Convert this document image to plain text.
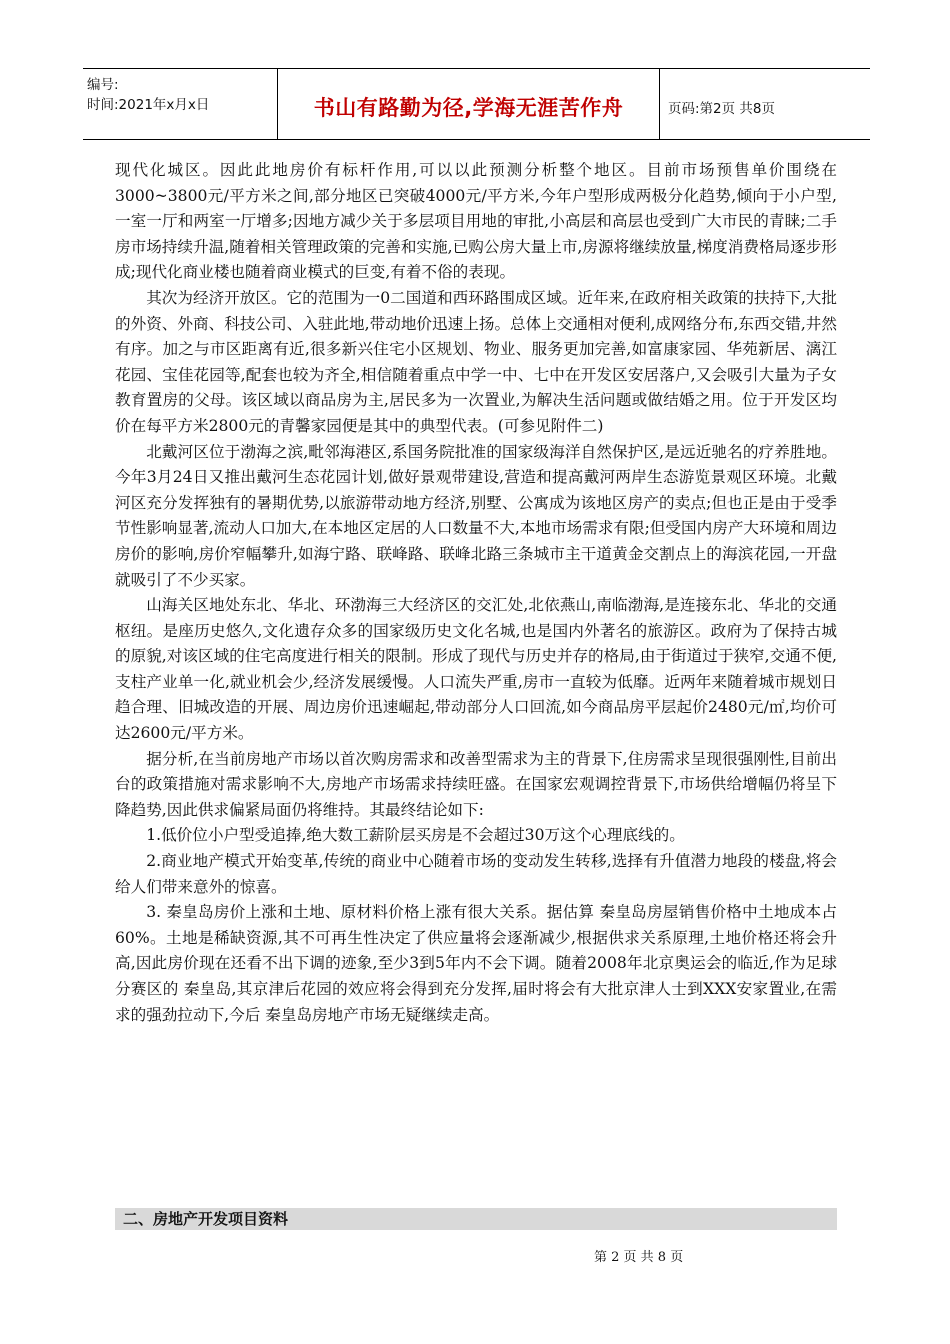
编号:
时间:2021年x月x日	书山有路勤为径,学海无涯苦作舟	页码:第2页 共8页

现代化城区。因此此地房价有标杆作用,可以以此预测分析整个地区。目前市场预售单价围绕在3000~3800元/平方米之间,部分地区已突破4000元/平方米,今年户型形成两极分化趋势,倾向于小户型,一室一厅和两室一厅增多;因地方减少关于多层项目用地的审批,小高层和高层也受到广大市民的青睐;二手房市场持续升温,随着相关管理政策的完善和实施,已购公房大量上市,房源将继续放量,梯度消费格局逐步形成;现代化商业楼也随着商业模式的巨变,有着不俗的表现。

其次为经济开放区。它的范围为一0二国道和西环路围成区域。近年来,在政府相关政策的扶持下,大批的外资、外商、科技公司、入驻此地,带动地价迅速上扬。总体上交通相对便利,成网络分布,东西交错,井然有序。加之与市区距离有近,很多新兴住宅小区规划、物业、服务更加完善,如富康家园、华苑新居、漓江花园、宝佳花园等,配套也较为齐全,相信随着重点中学一中、七中在开发区安居落户,又会吸引大量为子女教育置房的父母。该区域以商品房为主,居民多为一次置业,为解决生活问题或做结婚之用。位于开发区均价在每平方米2800元的青馨家园便是其中的典型代表。(可参见附件二)

北戴河区位于渤海之滨,毗邻海港区,系国务院批准的国家级海洋自然保护区,是远近驰名的疗养胜地。今年3月24日又推出戴河生态花园计划,做好景观带建设,营造和提高戴河两岸生态游览景观区环境。北戴河区充分发挥独有的暑期优势,以旅游带动地方经济,别墅、公寓成为该地区房产的卖点;但也正是由于受季节性影响显著,流动人口加大,在本地区定居的人口数量不大,本地市场需求有限;但受国内房产大环境和周边房价的影响,房价窄幅攀升,如海宁路、联峰路、联峰北路三条城市主干道黄金交割点上的海滨花园,一开盘就吸引了不少买家。

山海关区地处东北、华北、环渤海三大经济区的交汇处,北依燕山,南临渤海,是连接东北、华北的交通枢纽。是座历史悠久,文化遗存众多的国家级历史文化名城,也是国内外著名的旅游区。政府为了保持古城的原貌,对该区域的住宅高度进行相关的限制。形成了现代与历史并存的格局,由于街道过于狭窄,交通不便,支柱产业单一化,就业机会少,经济发展缓慢。人口流失严重,房市一直较为低靡。近两年来随着城市规划日趋合理、旧城改造的开展、周边房价迅速崛起,带动部分人口回流,如今商品房平层起价2480元/㎡,均价可达2600元/平方米。

据分析,在当前房地产市场以首次购房需求和改善型需求为主的背景下,住房需求呈现很强刚性,目前出台的政策措施对需求影响不大,房地产市场需求持续旺盛。在国家宏观调控背景下,市场供给增幅仍将呈下降趋势,因此供求偏紧局面仍将维持。其最终结论如下:

1.低价位小户型受追捧,绝大数工薪阶层买房是不会超过30万这个心理底线的。

2.商业地产模式开始变革,传统的商业中心随着市场的变动发生转移,选择有升值潜力地段的楼盘,将会给人们带来意外的惊喜。

3. 秦皇岛房价上涨和土地、原材料价格上涨有很大关系。据估算 秦皇岛房屋销售价格中土地成本占60%。土地是稀缺资源,其不可再生性决定了供应量将会逐渐减少,根据供求关系原理,土地价格还将会升高,因此房价现在还看不出下调的迹象,至少3到5年内不会下调。随着2008年北京奥运会的临近,作为足球分赛区的 秦皇岛,其京津后花园的效应将会得到充分发挥,届时将会有大批京津人士到XXX安家置业,在需求的强劲拉动下,今后 秦皇岛房地产市场无疑继续走高。

二、房地产开发项目资料
第 2 页 共 8 页
